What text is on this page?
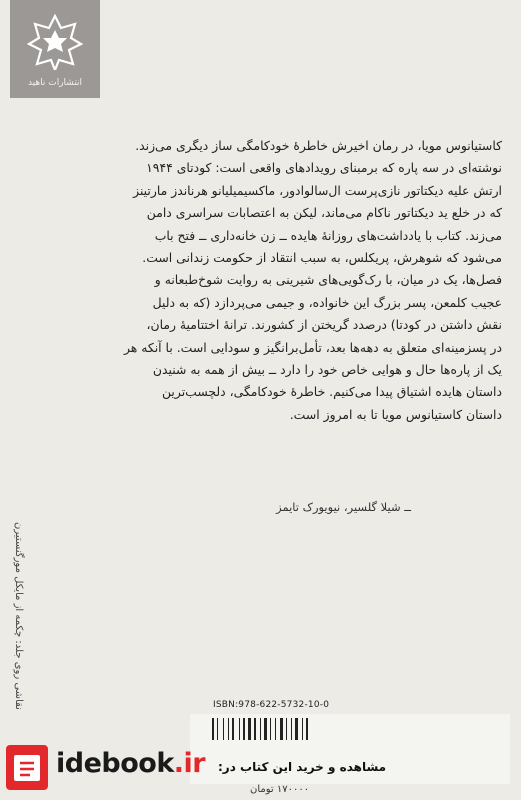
انتشارات ناهید
کاستیانوس مویا، در رمان اخیرش خاطرهٔ خودکامگی ساز دیگری می‌زند.
نوشته‌ای در سه پاره که برمبنای رویدادهای واقعی است: کودتای ۱۹۴۴
ارتش علیه دیکتاتور نازی‌پرست ال‌سالوادور، ماکسیمیلیانو هرناندز مارتینز
که در خلع ید دیکتاتور ناکام می‌ماند، لیکن به اعتصابات سراسری دامن
می‌زند. کتاب با یادداشت‌های روزانهٔ هایده ــ زن خانه‌داری ــ فتح باب
می‌شود که شوهرش، پریکلس، به سبب انتقاد از حکومت زندانی است.
فصل‌ها، یک در میان، با رک‌گویی‌های شیرینی به روایت شوخ‌طبعانه و
عجیب کلمعن، پسر بزرگ این خانواده، و جیمی می‌پردازد (که به دلیل
نقش داشتن در کودتا) درصدد گریختن از کشورند. ترانهٔ اختتامیهٔ رمان،
در پسزمینه‌ای متعلق به دهه‌ها بعد، تأمل‌برانگیز و سودایی است. با آنکه هر
یک از پاره‌ها حال و هوایی خاص خود را دارد ــ بیش از همه به شنیدن
داستان هایده اشتیاق پیدا می‌کنیم. خاطرهٔ خودکامگی، دلچسب‌ترین
داستان کاستیانوس مویا تا به امروز است.
ــ شیلا گلسیر، نیویورک تایمز
نقاشی روی جلد: چکمه از مایکل مورگنستیرن	ISBN:978-622-5732-10-0
۱۷۰۰۰۰ تومان
idebook.ir مشاهده و خرید این کتاب در:
